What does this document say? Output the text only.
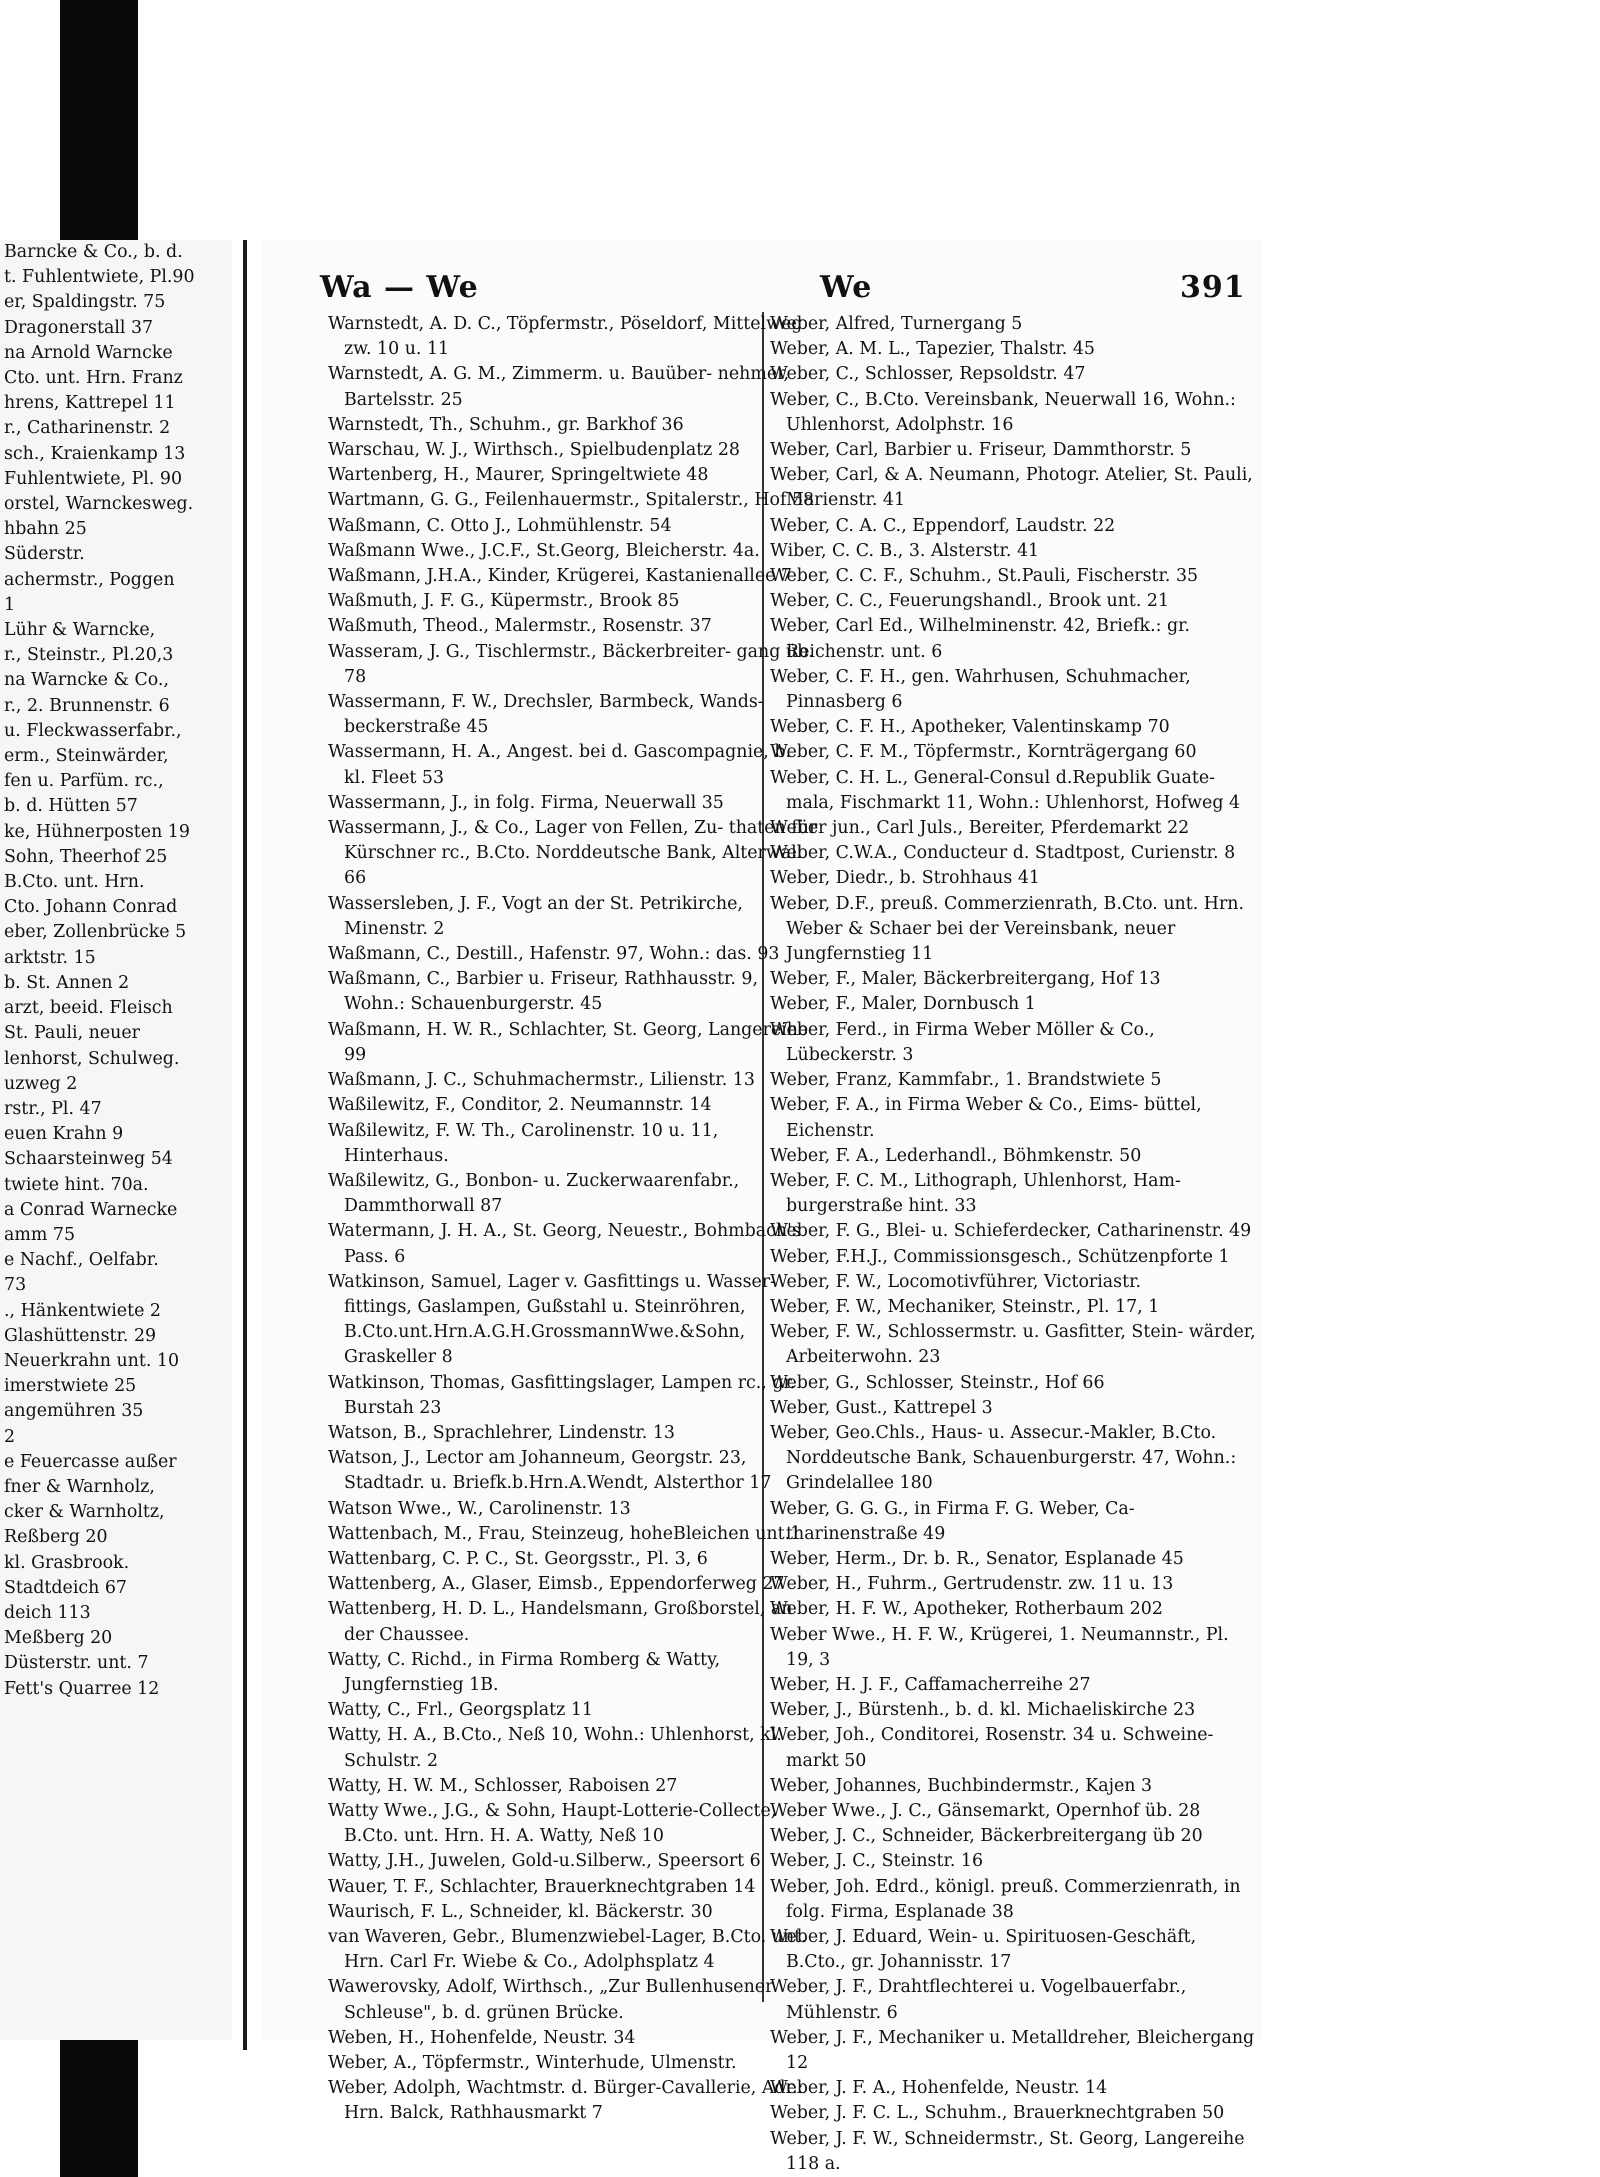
Barncke & Co., b. d.
t. Fuhlentwiete, Pl.90
er, Spaldingstr. 75
Dragonerstall 37
na Arnold Warncke
Cto. unt. Hrn. Franz
hrens, Kattrepel 11
r., Catharinenstr. 2
sch., Kraienkamp 13
Fuhlentwiete, Pl. 90
orstel, Warnckesweg.
hbahn 25
Süderstr.
achermstr., Poggen
1
Lühr & Warncke,
r., Steinstr., Pl.20,3
na Warncke & Co.,
r., 2. Brunnenstr. 6
u. Fleckwasserfabr.,
erm., Steinwärder,
fen u. Parfüm. rc.,
b. d. Hütten 57
ke, Hühnerposten 19
Sohn, Theerhof 25
B.Cto. unt. Hrn.
Cto. Johann Conrad
eber, Zollenbrücke 5
arktstr. 15
b. St. Annen 2
arzt, beeid. Fleisch
St. Pauli, neuer
lenhorst, Schulweg.
uzweg 2
rstr., Pl. 47
euen Krahn 9
Schaarsteinweg 54
twiete hint. 70a.
a Conrad Warnecke
amm 75
e Nachf., Oelfabr.
73
., Hänkentwiete 2
Glashüttenstr. 29
Neuerkrahn unt. 10
imerstwiete 25
angemühren 35
2
e Feuercasse außer
fner & Warnholz,
cker & Warnholtz,
Reßberg 20
kl. Grasbrook.
Stadtdeich 67
deich 113
Meßberg 20
Düsterstr. unt. 7
Fett's Quarree 12
Wa — We	We	391
Warnstedt, A. D. C., Töpfermstr., Pöseldorf, Mittelweg zw. 10 u. 11
Warnstedt, A. G. M., Zimmerm. u. Bauüber- nehmer, Bartelsstr. 25
Warnstedt, Th., Schuhm., gr. Barkhof 36
Warschau, W. J., Wirthsch., Spielbudenplatz 28
Wartenberg, H., Maurer, Springeltwiete 48
Wartmann, G. G., Feilenhauermstr., Spitalerstr., Hof 58
Waßmann, C. Otto J., Lohmühlenstr. 54
Waßmann Wwe., J.C.F., St.Georg, Bleicherstr. 4a.
Waßmann, J.H.A., Kinder, Krügerei, Kastanienallee 7
Waßmuth, J. F. G., Küpermstr., Brook 85
Waßmuth, Theod., Malermstr., Rosenstr. 37
Wasseram, J. G., Tischlermstr., Bäckerbreiter- gang üb. 78
Wassermann, F. W., Drechsler, Barmbeck, Wands- beckerstraße 45
Wassermann, H. A., Angest. bei d. Gascompagnie, b. kl. Fleet 53
Wassermann, J., in folg. Firma, Neuerwall 35
Wassermann, J., & Co., Lager von Fellen, Zu- thaten für Kürschner rc., B.Cto. Norddeutsche Bank, Alterwall 66
Wassersleben, J. F., Vogt an der St. Petrikirche, Minenstr. 2
Waßmann, C., Destill., Hafenstr. 97, Wohn.: das. 93
Waßmann, C., Barbier u. Friseur, Rathhausstr. 9, Wohn.: Schauenburgerstr. 45
Waßmann, H. W. R., Schlachter, St. Georg, Langereihe 99
Waßmann, J. C., Schuhmachermstr., Lilienstr. 13
Waßilewitz, F., Conditor, 2. Neumannstr. 14
Waßilewitz, F. W. Th., Carolinenstr. 10 u. 11, Hinterhaus.
Waßilewitz, G., Bonbon- u. Zuckerwaarenfabr., Dammthorwall 87
Watermann, J. H. A., St. Georg, Neuestr., Bohmbach's Pass. 6
Watkinson, Samuel, Lager v. Gasfittings u. Wasser- fittings, Gaslampen, Gußstahl u. Steinröhren, B.Cto.unt.Hrn.A.G.H.GrossmannWwe.&Sohn, Graskeller 8
Watkinson, Thomas, Gasfittingslager, Lampen rc., gr. Burstah 23
Watson, B., Sprachlehrer, Lindenstr. 13
Watson, J., Lector am Johanneum, Georgstr. 23, Stadtadr. u. Briefk.b.Hrn.A.Wendt, Alsterthor 17
Watson Wwe., W., Carolinenstr. 13
Wattenbach, M., Frau, Steinzeug, hoheBleichen unt.1
Wattenbarg, C. P. C., St. Georgsstr., Pl. 3, 6
Wattenberg, A., Glaser, Eimsb., Eppendorferweg 27
Wattenberg, H. D. L., Handelsmann, Großborstel, an der Chaussee.
Watty, C. Richd., in Firma Romberg & Watty, Jungfernstieg 1B.
Watty, C., Frl., Georgsplatz 11
Watty, H. A., B.Cto., Neß 10, Wohn.: Uhlenhorst, kl. Schulstr. 2
Watty, H. W. M., Schlosser, Raboisen 27
Watty Wwe., J.G., & Sohn, Haupt-Lotterie-Collecte, B.Cto. unt. Hrn. H. A. Watty, Neß 10
Watty, J.H., Juwelen, Gold-u.Silberw., Speersort 6
Wauer, T. F., Schlachter, Brauerknechtgraben 14
Waurisch, F. L., Schneider, kl. Bäckerstr. 30
van Waveren, Gebr., Blumenzwiebel-Lager, B.Cto. unt. Hrn. Carl Fr. Wiebe & Co., Adolphsplatz 4
Wawerovsky, Adolf, Wirthsch., „Zur Bullenhusener Schleuse", b. d. grünen Brücke.
Weben, H., Hohenfelde, Neustr. 34
Weber, A., Töpfermstr., Winterhude, Ulmenstr.
Weber, Adolph, Wachtmstr. d. Bürger-Cavallerie, Adr.: Hrn. Balck, Rathhausmarkt 7
Weber, Alfred, Turnergang 5
Weber, A. M. L., Tapezier, Thalstr. 45
Weber, C., Schlosser, Repsoldstr. 47
Weber, C., B.Cto. Vereinsbank, Neuerwall 16, Wohn.: Uhlenhorst, Adolphstr. 16
Weber, Carl, Barbier u. Friseur, Dammthorstr. 5
Weber, Carl, & A. Neumann, Photogr. Atelier, St. Pauli, Marienstr. 41
Weber, C. A. C., Eppendorf, Laudstr. 22
Wiber, C. C. B., 3. Alsterstr. 41
Weber, C. C. F., Schuhm., St.Pauli, Fischerstr. 35
Weber, C. C., Feuerungshandl., Brook unt. 21
Weber, Carl Ed., Wilhelminenstr. 42, Briefk.: gr. Reichenstr. unt. 6
Weber, C. F. H., gen. Wahrhusen, Schuhmacher, Pinnasberg 6
Weber, C. F. H., Apotheker, Valentinskamp 70
Weber, C. F. M., Töpfermstr., Kornträgergang 60
Weber, C. H. L., General-Consul d.Republik Guate- mala, Fischmarkt 11, Wohn.: Uhlenhorst, Hofweg 4
Weber jun., Carl Juls., Bereiter, Pferdemarkt 22
Weber, C.W.A., Conducteur d. Stadtpost, Curienstr. 8
Weber, Diedr., b. Strohhaus 41
Weber, D.F., preuß. Commerzienrath, B.Cto. unt. Hrn. Weber & Schaer bei der Vereinsbank, neuer Jungfernstieg 11
Weber, F., Maler, Bäckerbreitergang, Hof 13
Weber, F., Maler, Dornbusch 1
Weber, Ferd., in Firma Weber Möller & Co., Lübeckerstr. 3
Weber, Franz, Kammfabr., 1. Brandstwiete 5
Weber, F. A., in Firma Weber & Co., Eims- büttel, Eichenstr.
Weber, F. A., Lederhandl., Böhmkenstr. 50
Weber, F. C. M., Lithograph, Uhlenhorst, Ham- burgerstraße hint. 33
Weber, F. G., Blei- u. Schieferdecker, Catharinenstr. 49
Weber, F.H.J., Commissionsgesch., Schützenpforte 1
Weber, F. W., Locomotivführer, Victoriastr.
Weber, F. W., Mechaniker, Steinstr., Pl. 17, 1
Weber, F. W., Schlossermstr. u. Gasfitter, Stein- wärder, Arbeiterwohn. 23
Weber, G., Schlosser, Steinstr., Hof 66
Weber, Gust., Kattrepel 3
Weber, Geo.Chls., Haus- u. Assecur.-Makler, B.Cto. Norddeutsche Bank, Schauenburgerstr. 47, Wohn.: Grindelallee 180
Weber, G. G. G., in Firma F. G. Weber, Ca- tharinenstraße 49
Weber, Herm., Dr. b. R., Senator, Esplanade 45
Weber, H., Fuhrm., Gertrudenstr. zw. 11 u. 13
Weber, H. F. W., Apotheker, Rotherbaum 202
Weber Wwe., H. F. W., Krügerei, 1. Neumannstr., Pl. 19, 3
Weber, H. J. F., Caffamacherreihe 27
Weber, J., Bürstenh., b. d. kl. Michaeliskirche 23
Weber, Joh., Conditorei, Rosenstr. 34 u. Schweine- markt 50
Weber, Johannes, Buchbindermstr., Kajen 3
Weber Wwe., J. C., Gänsemarkt, Opernhof üb. 28
Weber, J. C., Schneider, Bäckerbreitergang üb 20
Weber, J. C., Steinstr. 16
Weber, Joh. Edrd., königl. preuß. Commerzienrath, in folg. Firma, Esplanade 38
Weber, J. Eduard, Wein- u. Spirituosen-Geschäft, B.Cto., gr. Johannisstr. 17
Weber, J. F., Drahtflechterei u. Vogelbauerfabr., Mühlenstr. 6
Weber, J. F., Mechaniker u. Metalldreher, Bleichergang 12
Weber, J. F. A., Hohenfelde, Neustr. 14
Weber, J. F. C. L., Schuhm., Brauerknechtgraben 50
Weber, J. F. W., Schneidermstr., St. Georg, Langereihe 118 a.
